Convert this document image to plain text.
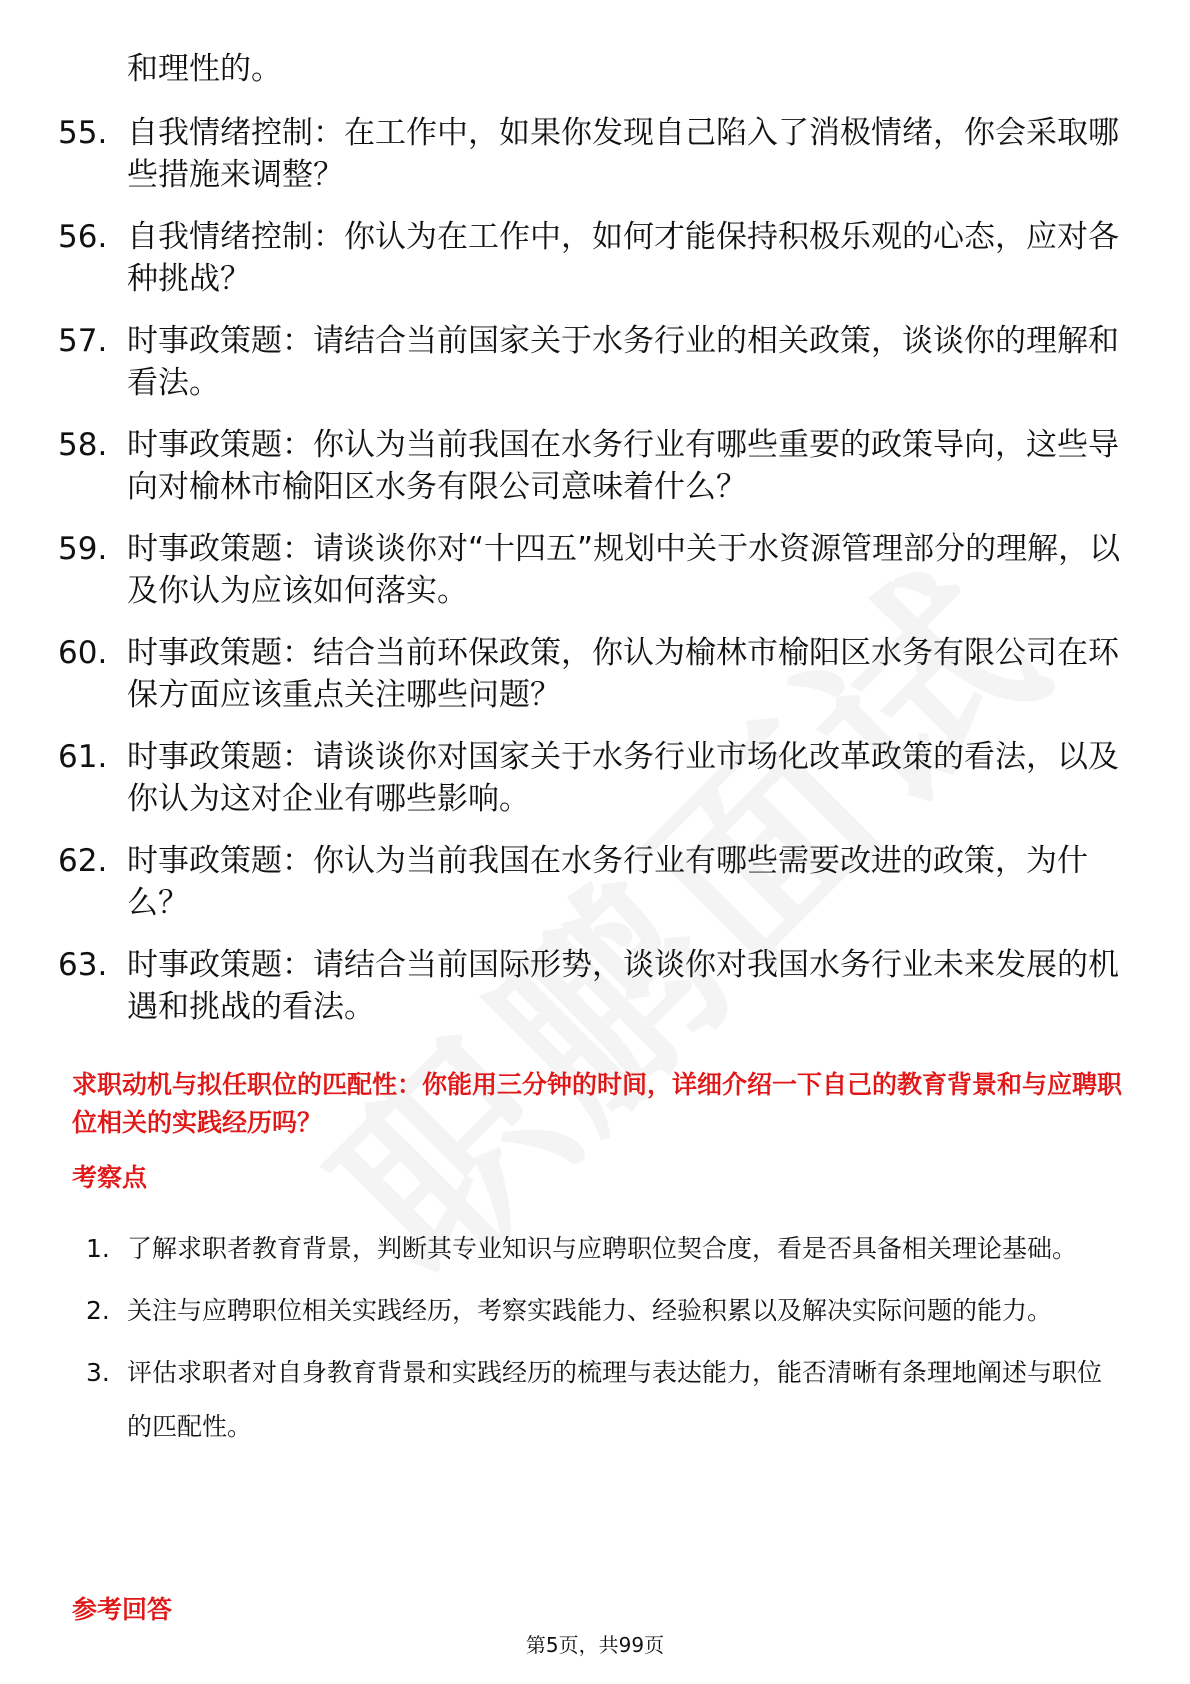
和理性的。
55. 自我情绪控制：在工作中，如果你发现自己陷入了消极情绪，你会采取哪些措施来调整？
56. 自我情绪控制：你认为在工作中，如何才能保持积极乐观的心态，应对各种挑战？
57. 时事政策题：请结合当前国家关于水务行业的相关政策，谈谈你的理解和看法。
58. 时事政策题：你认为当前我国在水务行业有哪些重要的政策导向，这些导向对榆林市榆阳区水务有限公司意味着什么？
59. 时事政策题：请谈谈你对“十四五”规划中关于水资源管理部分的理解，以及你认为应该如何落实。
60. 时事政策题：结合当前环保政策，你认为榆林市榆阳区水务有限公司在环保方面应该重点关注哪些问题？
61. 时事政策题：请谈谈你对国家关于水务行业市场化改革政策的看法，以及你认为这对企业有哪些影响。
62. 时事政策题：你认为当前我国在水务行业有哪些需要改进的政策，为什么？
63. 时事政策题：请结合当前国际形势，谈谈你对我国水务行业未来发展的机遇和挑战的看法。
求职动机与拟任职位的匹配性：你能用三分钟的时间，详细介绍一下自己的教育背景和与应聘职位相关的实践经历吗？
考察点
1. 了解求职者教育背景，判断其专业知识与应聘职位契合度，看是否具备相关理论基础。
2. 关注与应聘职位相关实践经历，考察实践能力、经验积累以及解决实际问题的能力。
3. 评估求职者对自身教育背景和实践经历的梳理与表达能力，能否清晰有条理地阐述与职位的匹配性。
参考回答
第5页，共99页
